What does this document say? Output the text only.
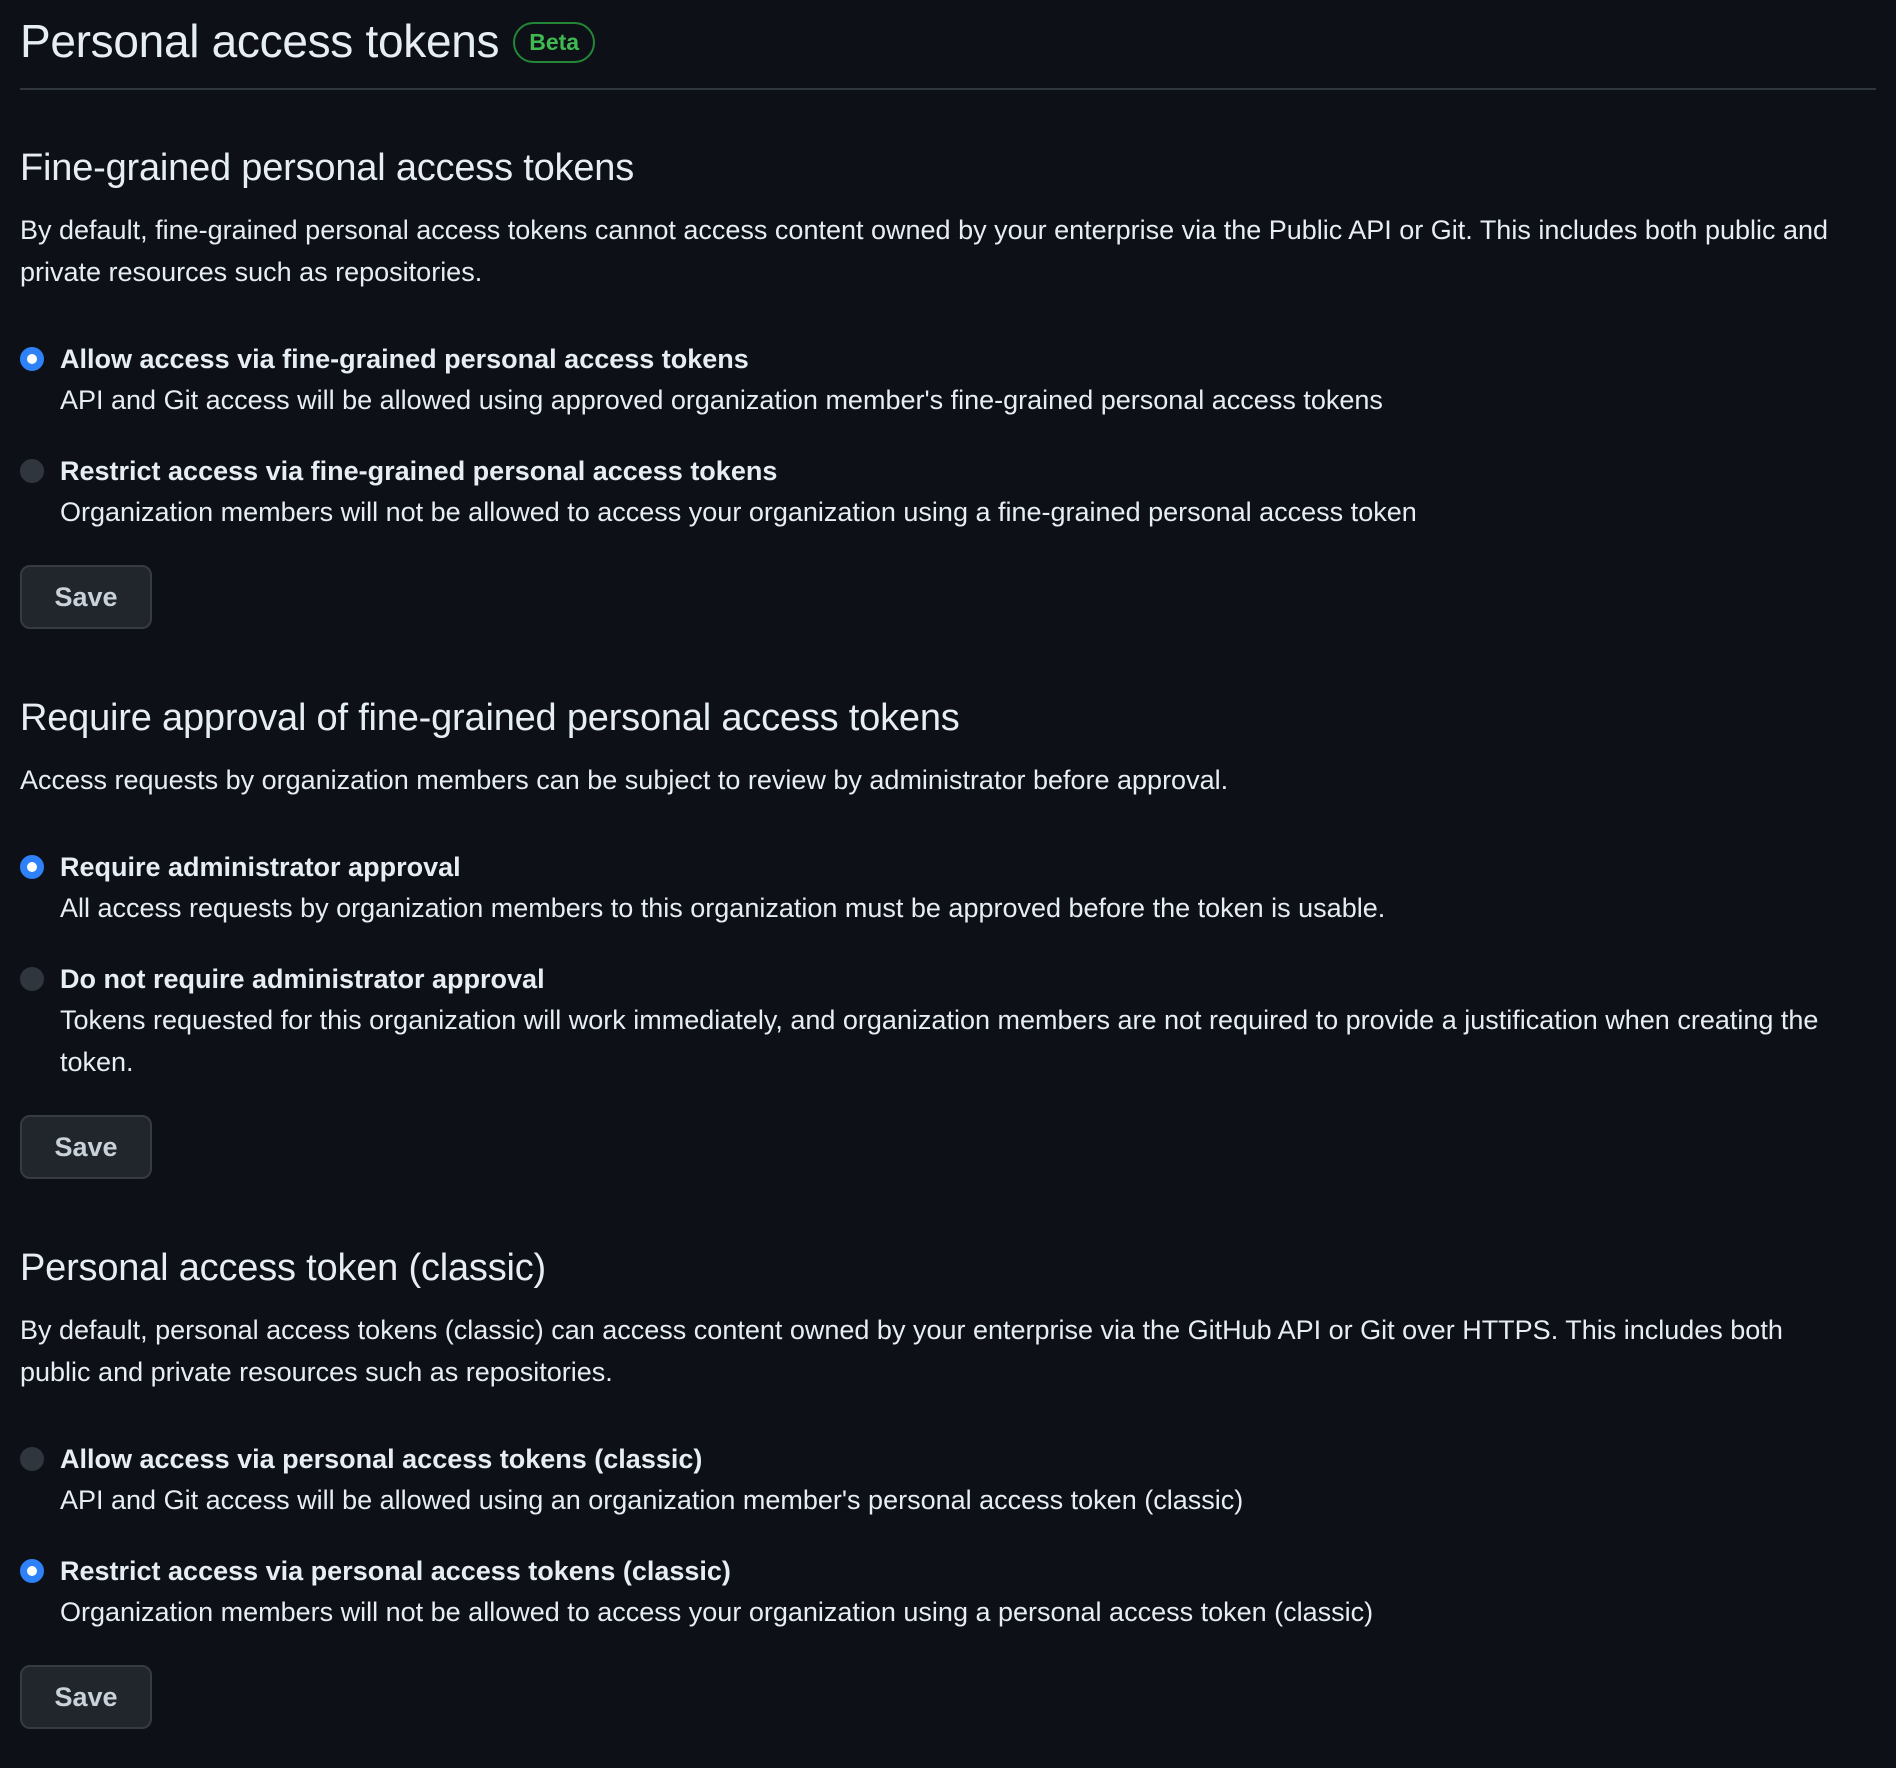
Personal access tokens	Beta
Fine-grained personal access tokens

By default, fine-grained personal access tokens cannot access content owned by your enterprise via the Public API or Git. This includes both public and private resources such as repositories.

Allow access via fine-grained personal access tokens
API and Git access will be allowed using approved organization member's fine-grained personal access tokens
Restrict access via fine-grained personal access tokens
Organization members will not be allowed to access your organization using a fine-grained personal access token
Save
Require approval of fine-grained personal access tokens

Access requests by organization members can be subject to review by administrator before approval.

Require administrator approval
All access requests by organization members to this organization must be approved before the token is usable.
Do not require administrator approval
Tokens requested for this organization will work immediately, and organization members are not required to provide a justification when creating the token.
Save
Personal access token (classic)

By default, personal access tokens (classic) can access content owned by your enterprise via the GitHub API or Git over HTTPS. This includes both public and private resources such as repositories.

Allow access via personal access tokens (classic)
API and Git access will be allowed using an organization member's personal access token (classic)
Restrict access via personal access tokens (classic)
Organization members will not be allowed to access your organization using a personal access token (classic)
Save
